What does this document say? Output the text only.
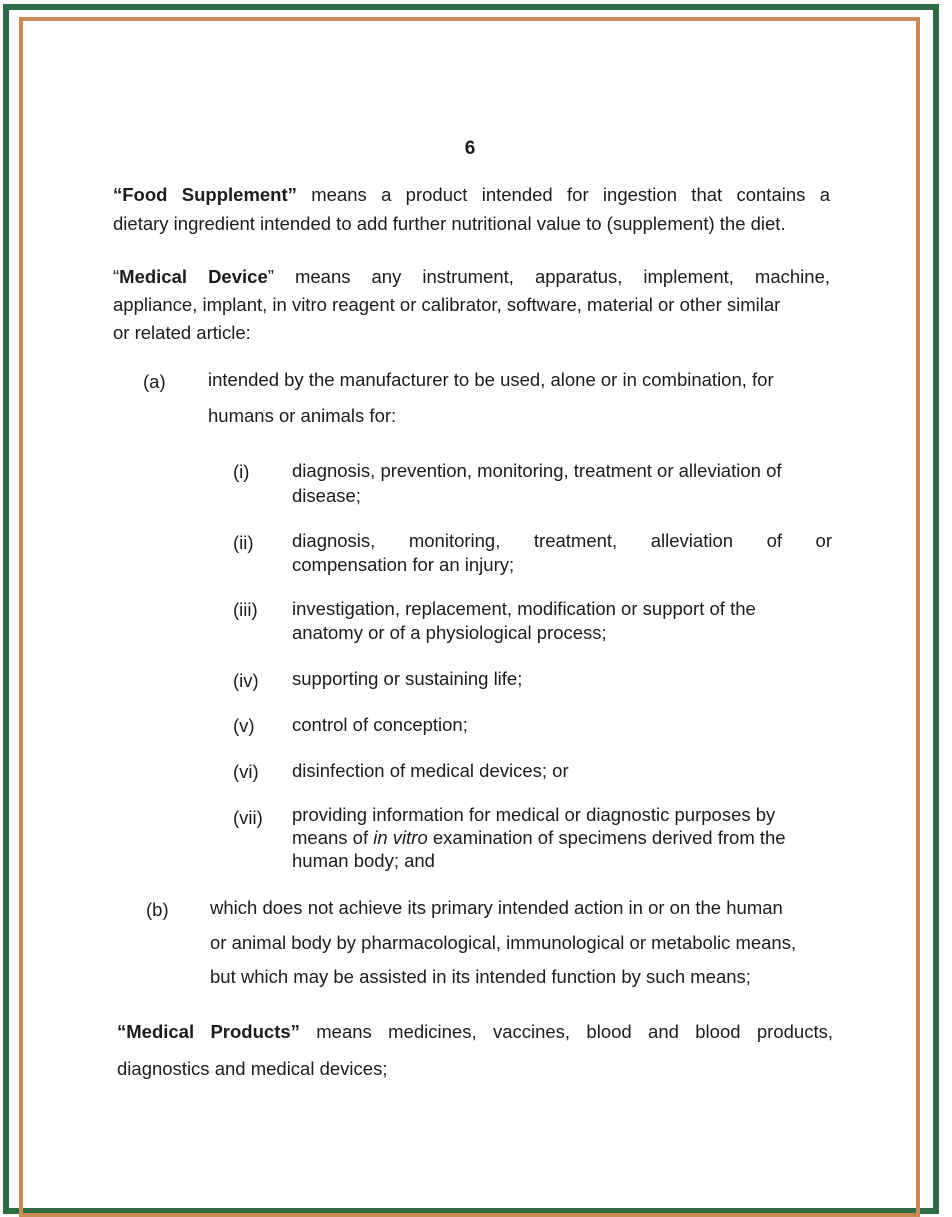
6
“Food Supplement” means a product intended for ingestion that contains a
dietary ingredient intended to add further nutritional value to (supplement) the diet.
“Medical Device” means any instrument, apparatus, implement, machine,
appliance, implant, in vitro reagent or calibrator, software, material or other similar
or related article:
(a) intended by the manufacturer to be used, alone or in combination, for
humans or animals for:
(i) diagnosis, prevention, monitoring, treatment or alleviation of
disease;
(ii) diagnosis, monitoring, treatment, alleviation of or
compensation for an injury;
(iii) investigation, replacement, modification or support of the
anatomy or of a physiological process;
(iv) supporting or sustaining life;
(v) control of conception;
(vi) disinfection of medical devices; or
(vii) providing information for medical or diagnostic purposes by
means of in vitro examination of specimens derived from the
human body; and
(b) which does not achieve its primary intended action in or on the human
or animal body by pharmacological, immunological or metabolic means,
but which may be assisted in its intended function by such means;
“Medical Products” means medicines, vaccines, blood and blood products,
diagnostics and medical devices;
